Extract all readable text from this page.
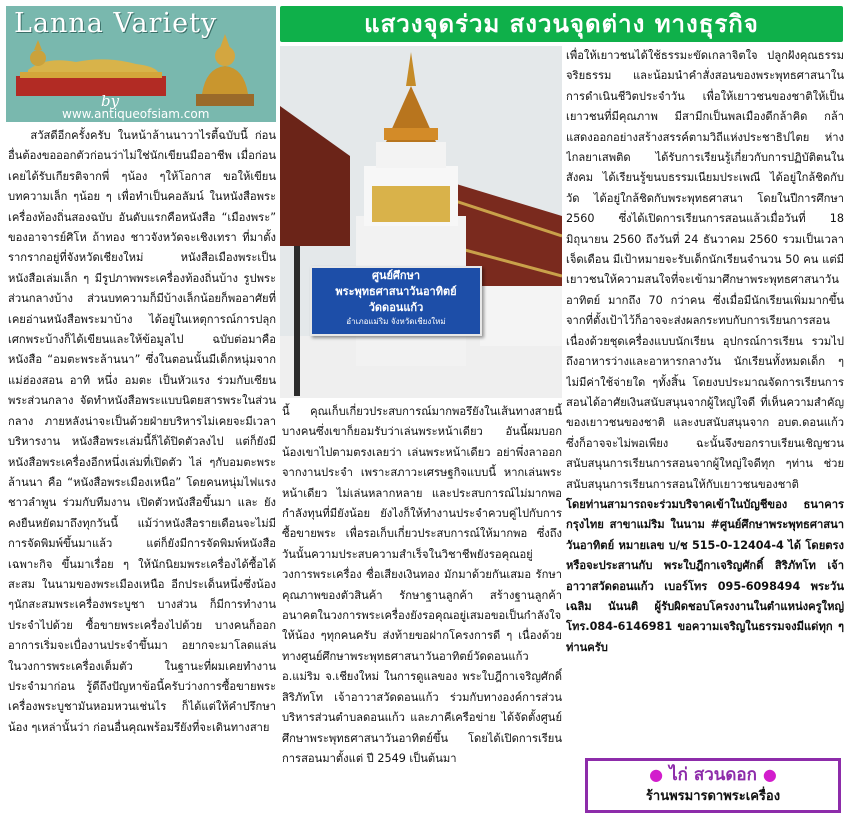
Lanna Variety
by
www.antiqueofsiam.com
แสวงจุดร่วม สงวนจุดต่าง ทางธุรกิจ
ศูนย์ศึกษา
พระพุทธศาสนาวันอาทิตย์
วัดดอนแก้ว
อำเภอแม่ริม จังหวัดเชียงใหม่

สวัสดีอีกครั้งครับ ในหน้าล้านนาวาไรตี้ฉบับนี้ ก่อนอื่นต้องขอออกตัวก่อนว่าไม่ใช่นักเขียนมืออาชีพ เมื่อก่อนเคยได้รับเกียรติจากพี่ ๆน้อง ๆให้โอกาส ขอให้เขียนบทความเล็ก ๆน้อย ๆ เพื่อทำเป็นคอลัมน์ ในหนังสือพระเครื่องท้องถิ่นสองฉบับ อันดับแรกคือหนังสือ “เมืองพระ” ของอาจารย์ศิโห ถ้าทอง ชาวจังหวัดจะเชิงเทรา ที่มาตั้งรากรากอยู่ที่จังหวัดเชียงใหม่ หนังสือเมืองพระเป็นหนังสือเล่มเล็ก ๆ มีรูปภาพพระเครื่องท้องถิ่นบ้าง รูปพระส่วนกลางบ้าง ส่วนบทความก็มีบ้างเล็กน้อยก็พออาศัยที่เคยอ่านหนังสือพระมาบ้าง ได้อยู่ในเหตุการณ์การปลุกเศกพระบ้างก็ได้เขียนและให้ข้อมูลไป ฉบับต่อมาคือหนังสือ “อมตะพระล้านนา” ซึ่งในตอนนั้นมีเด็กหนุ่มจากแม่ฮ่องสอน อาทิ หนึ่ง อมตะ เป็นหัวแรง ร่วมกับเซียนพระส่วนกลาง จัดทำหนังสือพระแบบนิตยสารพระในส่วนกลาง ภายหลังน่าจะเป็นด้วยฝ่ายบริหารไม่เคยจะมีเวลาบริหารงาน หนังสือพระเล่มนี้ก็ได้ปิดตัวลงไป แต่ก็ยังมีหนังสือพระเครื่องอีกหนึ่งเล่มที่เปิดตัว ไล่ ๆกับอมตะพระล้านนา คือ “หนังสือพระเมืองเหนือ” โดยคนหนุ่มไฟแรงชาวลำพูน ร่วมกับทีมงาน เปิดตัวหนังสือขึ้นมา และ ยังคงยืนหยัดมาถึงทุกวันนี้ แม้ว่าหนังสือรายเดือนจะไม่มีการจัดพิมพ์ขึ้นมาแล้ว แต่ก็ยังมีการจัดพิมพ์หนังสือเฉพาะกิจ ขึ้นมาเรื่อย ๆ ให้นักนิยมพระเครื่องได้ซื้อได้สะสม ในนามของพระเมืองเหนือ อีกประเด็นหนึ่งซึ่งน้อง ๆนักสะสมพระเครื่องพระบูชา บางส่วน ก็มีการทำงานประจำไปด้วย ซื้อขายพระเครื่องไปด้วย บางคนก็ออกอาการเริ่มจะเบื่องานประจำขึ้นมา อยากจะมาโลดแล่นในวงการพระเครื่องเต็มตัว ในฐานะที่ผมเคยทำงานประจำมาก่อน รู้ดีถึงปัญหาข้อนี้ครับว่างการซื้อขายพระเครื่องพระบูชามันหอมหวนเช่นไร ก็ได้แต่ให้คำปรึกษาน้อง ๆเหล่านั้นว่า ก่อนอื่นคุณพร้อมรึยังที่จะเดินทางสาย

นี้ คุณเก็บเกี่ยวประสบการณ์มากพอรึยังในเส้นทางสายนี้ บางคนซึ่งเขาก็ยอมรับว่าเล่นพระหน้าเดียว อันนี้ผมบอกน้องเขาไปตามตรงเลยว่า เล่นพระหน้าเดียว อย่าพึ่งลาออกจากงานประจำ เพราะสภาวะเศรษฐกิจแบบนี้ หากเล่นพระหน้าเดียว ไม่เล่นหลากหลาย และประสบการณ์ไม่มากพอ กำลังทุนที่มียังน้อย ยังไงก็ให้ทำงานประจำควบคู่ไปกับการซื้อขายพระ เพื่อรอเก็บเกี่ยวประสบการณ์ให้มากพอ ซึ่งถึงวันนั้นความประสบความสำเร็จในวิชาชีพยังรอคุณอยู่ วงการพระเครื่อง ซื่อเสียงเงินทอง มักมาด้วยกันเสมอ รักษาคุณภาพของตัวสินค้า รักษาฐานลูกค้า สร้างฐานลูกค้า อนาคตในวงการพระเครื่องยังรอคุณอยู่เสมอขอเป็นกำลังใจให้น้อง ๆทุกคนครับ ส่งท้ายขอฝากโครงการดี ๆ เนื่องด้วยทางศูนย์ศึกษาพระพุทธศาสนาวันอาทิตย์วัดดอนแก้ว อ.แม่ริม จ.เชียงใหม่ ในการดูแลของ พระใบฎีกาเจริญศักดิ์ สิริภัทโท เจ้าอาวาสวัดดอนแก้ว ร่วมกับทางองค์การส่วนบริหารส่วนตำบลดอนแก้ว และภาคีเครือข่าย ได้จัดตั้งศูนย์ศึกษาพระพุทธศาสนาวันอาทิตย์ขึ้น โดยได้เปิดการเรียนการสอนมาตั้งแต่ ปี 2549 เป็นต้นมา

เพื่อให้เยาวชนได้ใช้ธรรมะขัดเกลาจิตใจ ปลูกฝังคุณธรรม จริยธรรม และน้อมนำคำสั่งสอนของพระพุทธศาสนาในการดำเนินชีวิตประจำวัน เพื่อให้เยาวชนของชาติให้เป็นเยาวชนที่มีคุณภาพ มีสามีกเป็นพลเมืองดีกล้าคิด กล้าแสดงออกอย่างสร้างสรรค์ตามวิถีแห่งประชาธิปไตย ห่างไกลยาเสพติด ได้รับการเรียนรู้เกี่ยวกับการปฏิบัติตนในสังคม ได้เรียนรู้ขนบธรรมเนียมประเพณี ได้อยู่ใกล้ชิดกับวัด ได้อยู่ใกล้ชิดกับพระพุทธศาสนา โดยในปีการศึกษา 2560 ซึ่งได้เปิดการเรียนการสอนแล้วเมื่อวันที่ 18 มิถุนายน 2560 ถึงวันที่ 24 ธันวาคม 2560 รวมเป็นเวลาเจ็ดเดือน มีเป้าหมายจะรับเด็กนักเรียนจำนวน 50 คน แต่มีเยาวชนให้ความสนใจที่จะเข้ามาศึกษาพระพุทธศาสนาวันอาทิตย์ มากถึง 70 กว่าคน ซึ่งเมื่อมีนักเรียนเพิ่มมากขึ้นจากที่ตั้งเป้าไว้ก็อาจจะส่งผลกระทบกับการเรียนการสอน เนื่องด้วยชุดเครื่องแบบนักเรียน อุปกรณ์การเรียน รวมไปถึงอาหารว่างและอาหารกลางวัน นักเรียนทั้งหมดเด็ก ๆไม่มีค่าใช้จ่ายใด ๆทั้งสิ้น โดยงบประมาณจัดการเรียนการสอนได้อาศัยเงินสนับสนุนจากผู้ใหญ่ใจดี ที่เห็นความสำคัญของเยาวชนของชาติ และงบสนับสนุนจาก อบต.ดอนแก้ว ซึ่งก็อาจจะไม่พอเพียง ฉะนั้นจึงขอกราบเรียนเชิญชวนสนับสนุนการเรียนการสอนจากผู้ใหญ่ใจดีทุก ๆท่าน ช่วยสนับสนุนการเรียนการสอนให้กับเยาวชนของชาติ

โดยท่านสามารถจะร่วมบริจาคเข้าในบัญชีของ ธนาคารกรุงไทย สาขาแม่ริม ในนาม #ศูนย์ศึกษาพระพุทธศาสนาวันอาทิตย์ หมายเลข บ/ช 515-0-12404-4 ได้ โดยตรง หรือจะประสานกับ พระใบฎีกาเจริญศักดิ์ สิริภัทโท เจ้าอาวาสวัดดอนแก้ว เบอร์โทร 095-6098494 พระวันเฉลิม นันนติ ผู้รับผิดชอบโครงงานในตำแหน่งครูใหญ่ โทร.084-6146981 ขอความเจริญในธรรมจงมีแด่ทุก ๆท่านครับ

● ไก่ สวนดอก ●
ร้านพรมารดาพระเครื่อง
